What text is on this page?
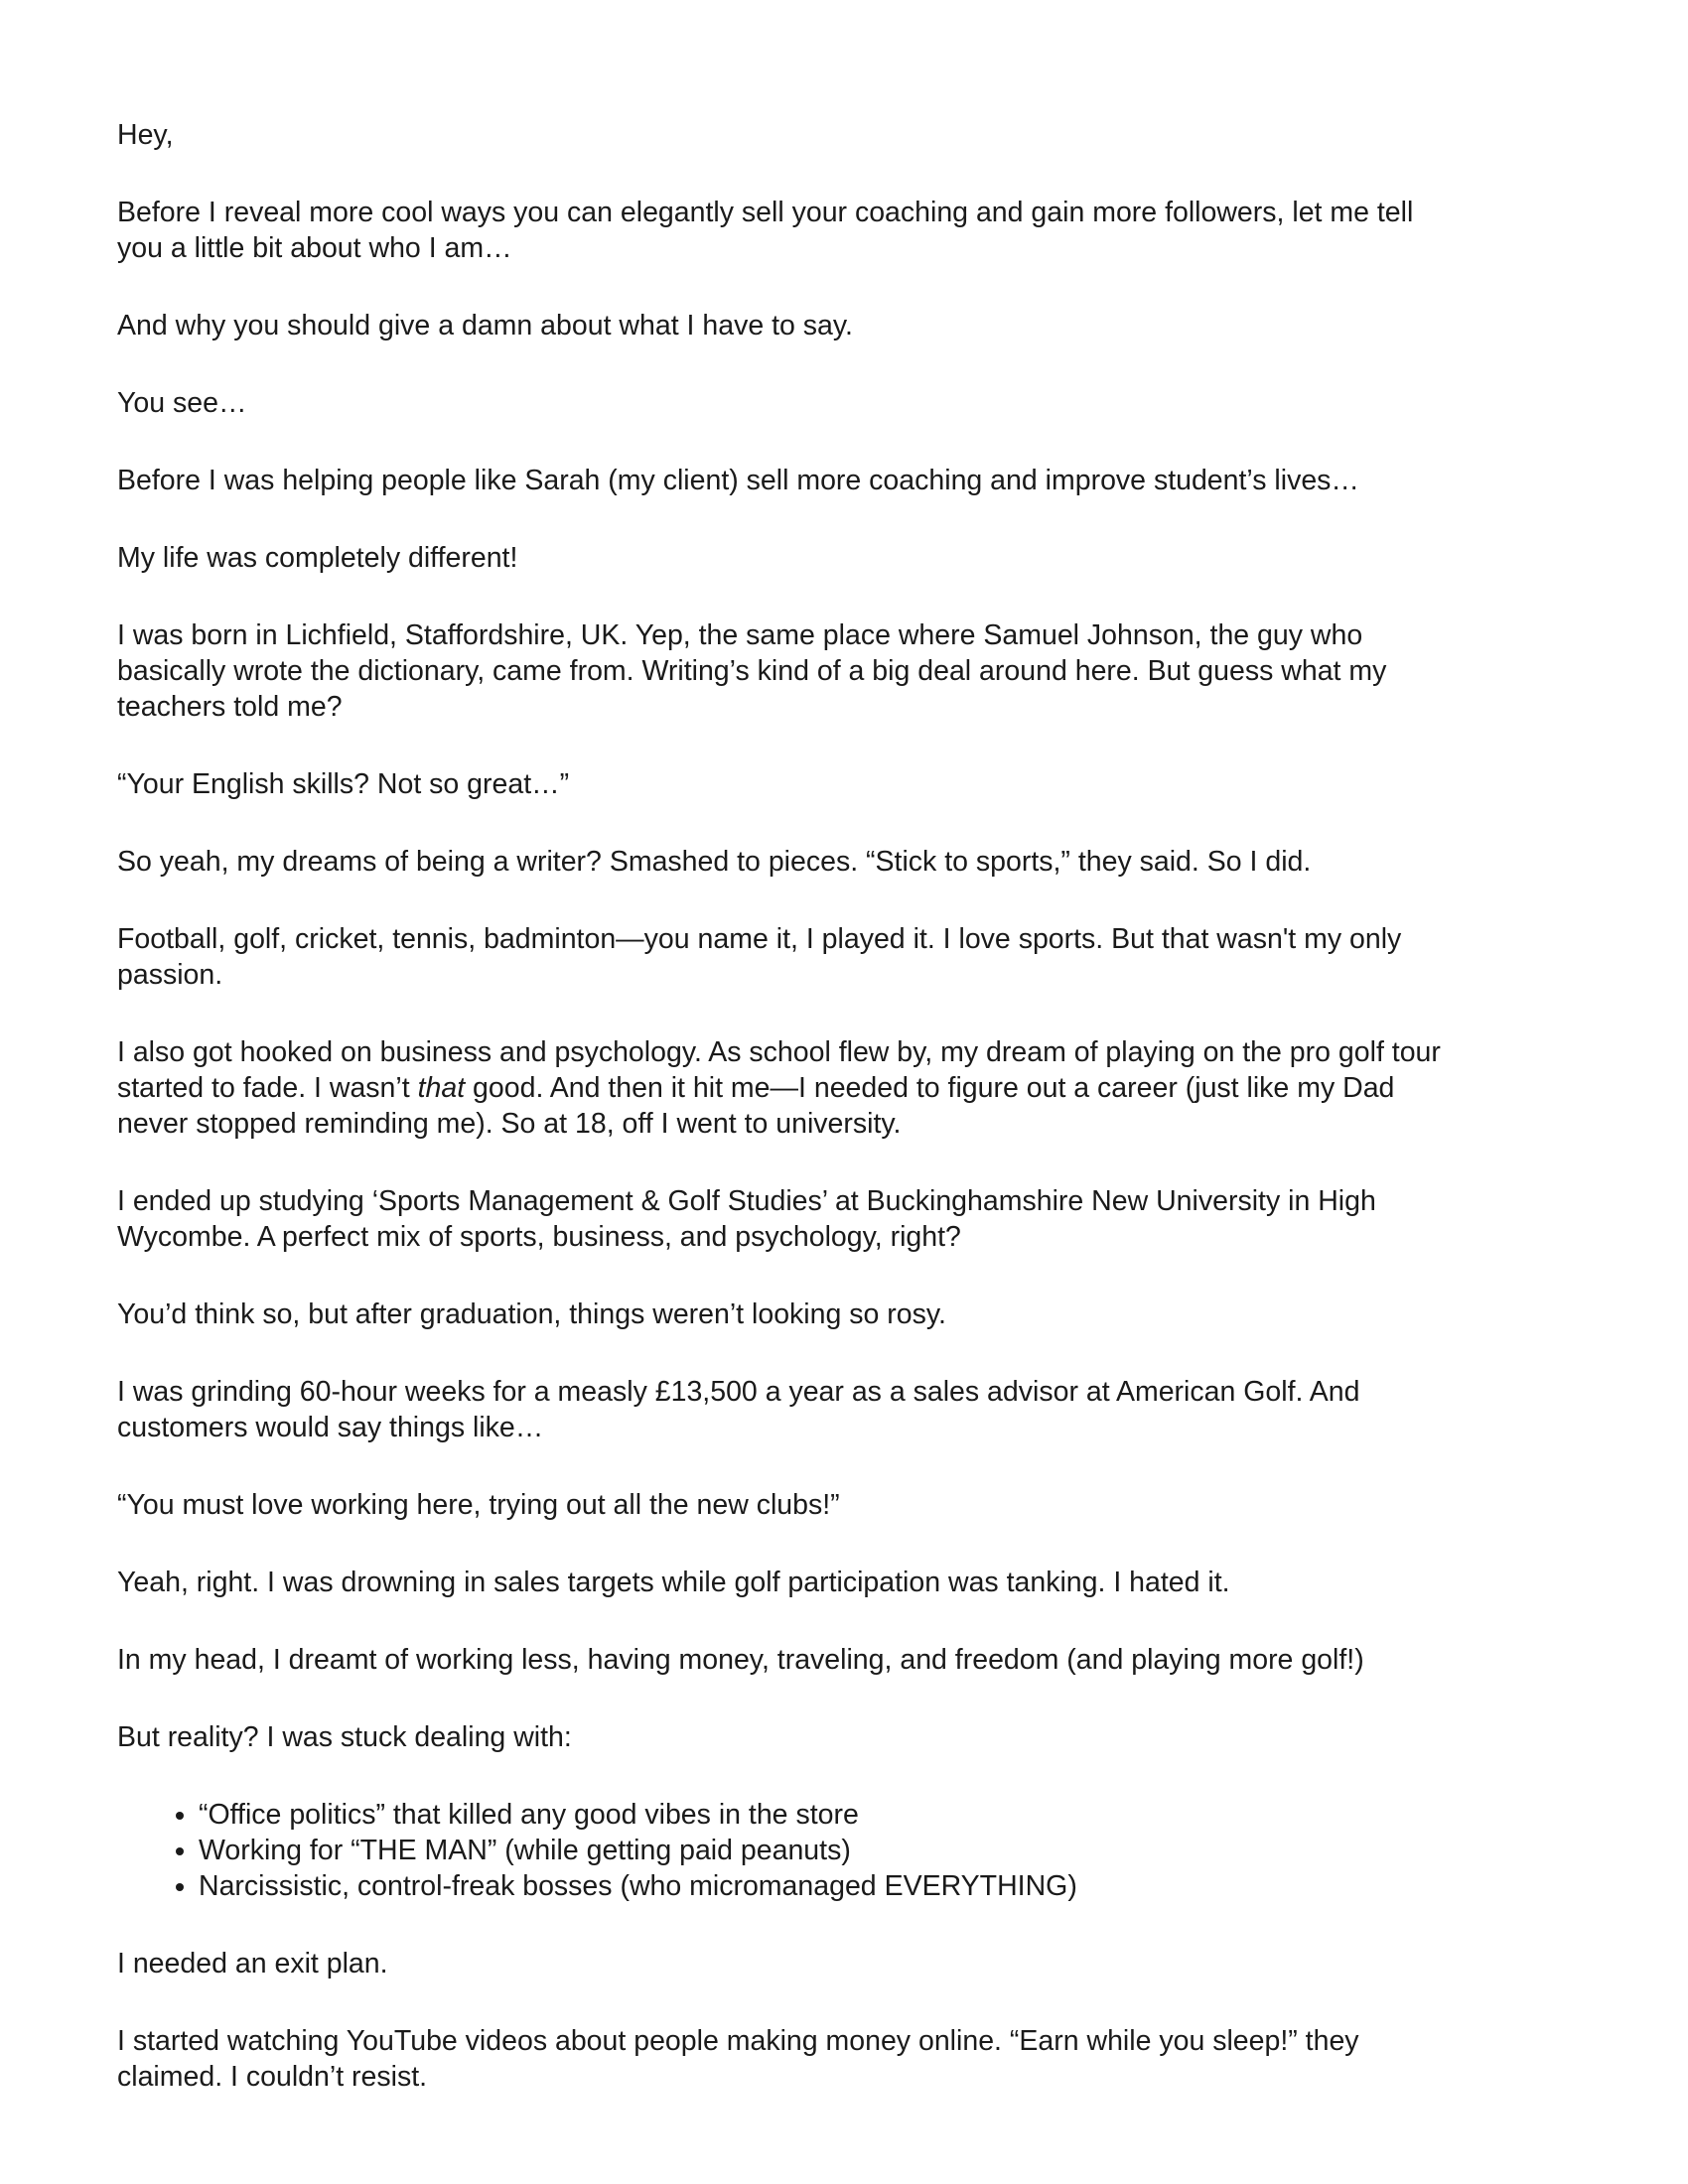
Hey,

Before I reveal more cool ways you can elegantly sell your coaching and gain more followers, let me tell you a little bit about who I am…

And why you should give a damn about what I have to say.

You see…

Before I was helping people like Sarah (my client) sell more coaching and improve student’s lives…

My life was completely different!

I was born in Lichfield, Staffordshire, UK. Yep, the same place where Samuel Johnson, the guy who basically wrote the dictionary, came from. Writing’s kind of a big deal around here. But guess what my teachers told me?

“Your English skills? Not so great…”

So yeah, my dreams of being a writer? Smashed to pieces. “Stick to sports,” they said. So I did.

Football, golf, cricket, tennis, badminton—you name it, I played it. I love sports. But that wasn't my only passion.

I also got hooked on business and psychology. As school flew by, my dream of playing on the pro golf tour started to fade. I wasn’t that good. And then it hit me—I needed to figure out a career (just like my Dad never stopped reminding me). So at 18, off I went to university.

I ended up studying ‘Sports Management & Golf Studies’ at Buckinghamshire New University in High Wycombe. A perfect mix of sports, business, and psychology, right?

You’d think so, but after graduation, things weren’t looking so rosy.

I was grinding 60-hour weeks for a measly £13,500 a year as a sales advisor at American Golf. And customers would say things like…

“You must love working here, trying out all the new clubs!”

Yeah, right. I was drowning in sales targets while golf participation was tanking. I hated it.

In my head, I dreamt of working less, having money, traveling, and freedom (and playing more golf!)

But reality? I was stuck dealing with:

• “Office politics” that killed any good vibes in the store
• Working for “THE MAN” (while getting paid peanuts)
• Narcissistic, control-freak bosses (who micromanaged EVERYTHING)

I needed an exit plan.

I started watching YouTube videos about people making money online. “Earn while you sleep!” they claimed. I couldn’t resist.
